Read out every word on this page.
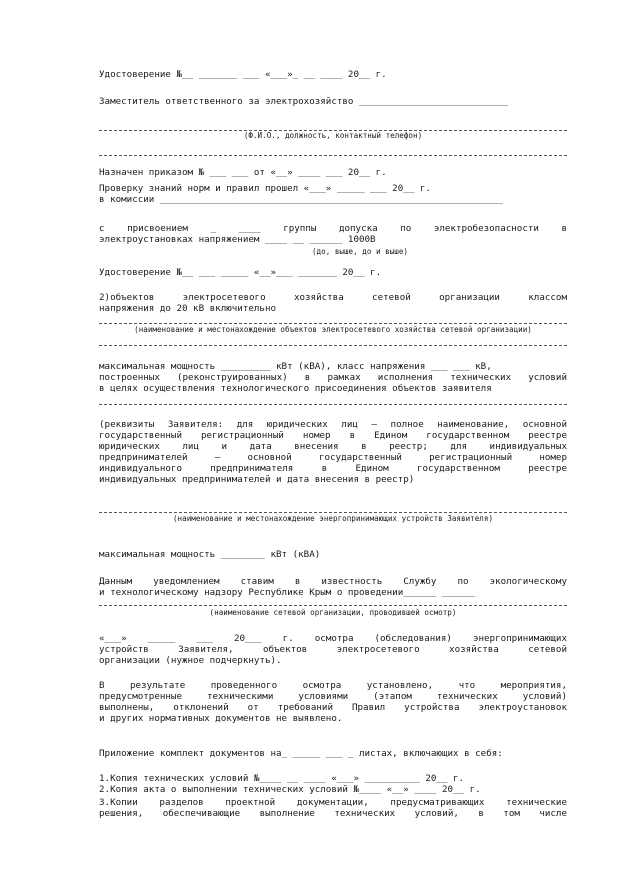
Удостоверение №__ _______ ___ «___»_ __ ____ 20__ г.
Заместитель ответственного за электрохозяйство ___________________________
(Ф.И.О., должность, контактный телефон)
Назначен приказом № ___ ___ от «__» ____ ___ 20__ г.
Проверку знаний норм и правил прошел «___» _____ ___ 20__ г.
в комиссии ______________________________________________________________
с присвоением _ ____ группы допуска по электробезопасности в
электроустановках напряжением ____ __ ______ 1000В
(до, выше, до и выше)
Удостоверение №__ ___ _____ «__»___ _______ 20__ г.
2)объектов электросетевого хозяйства сетевой организации классом
напряжения до 20 кВ включительно
(наименование и местонахождение объектов электросетевого хозяйства сетевой организации)
максимальная мощность _________ кВт (кВА), класс напряжения ___ ___ кВ,
построенных (реконструированных) в рамках исполнения технических условий
в целях осуществления технологического присоединения объектов заявителя
(реквизиты Заявителя: для юридических лиц – полное наименование, основной
государственный регистрационный номер в Едином государственном реестре
юридических лиц и дата внесения в реестр; для индивидуальных
предпринимателей – основной государственный регистрационный номер
индивидуального предпринимателя в Едином государственном реестре
индивидуальных предпринимателей и дата внесения в реестр)
(наименование и местонахождение энергопринимающих устройств Заявителя)
максимальная мощность ________ кВт (кВА)
Данным уведомлением ставим в известность Службу по экологическому
и технологическому надзору Республике Крым о проведении______ ______
(наименование сетевой организации, проводившей осмотр)
«___» _____ ___ 20___ г. осмотра (обследования) энергопринимающих
устройств Заявителя, объектов электросетевого хозяйства сетевой
организации (нужное подчеркнуть).
В результате проведенного осмотра установлено, что мероприятия,
предусмотренные техническими условиями (этапом технических условий)
выполнены, отклонений от требований Правил устройства электроустановок
и других нормативных документов не выявлено.
Приложение комплект документов на_ _____ ___ _ листах, включающих в себя:
1.Копия технических условий №____ __ ____ «___» __________ 20__ г.
2.Копия акта о выполнении технических условий №____ «__» ____ 20__ г.
3.Копии разделов проектной документации, предусматривающих технические
решения, обеспечивающие выполнение технических условий, в том числе
